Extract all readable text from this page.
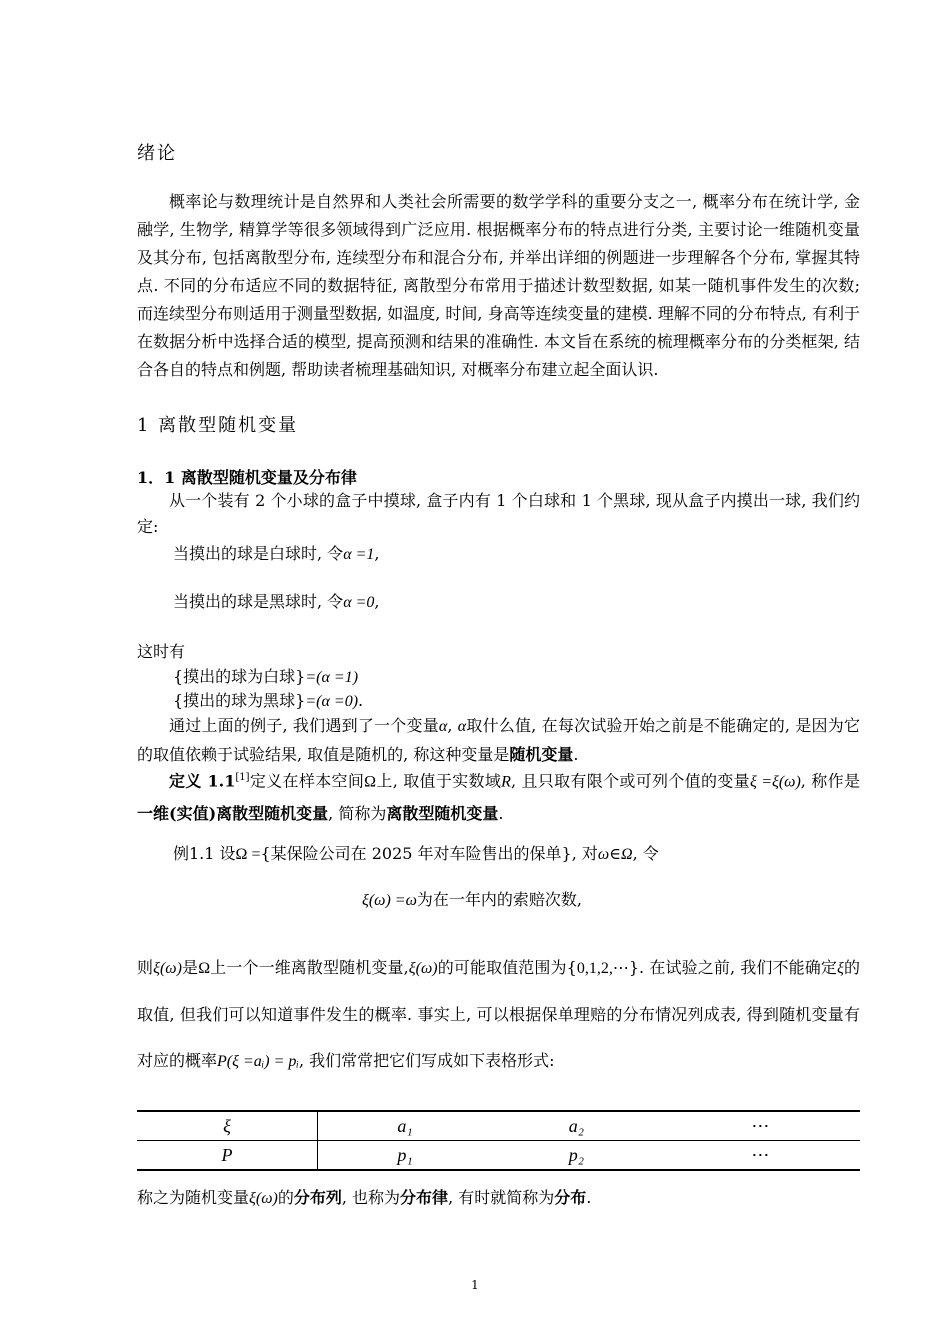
绪论
概率论与数理统计是自然界和人类社会所需要的数学学科的重要分支之一, 概率分布在统计学, 金融学, 生物学, 精算学等很多领域得到广泛应用. 根据概率分布的特点进行分类, 主要讨论一维随机变量及其分布, 包括离散型分布, 连续型分布和混合分布, 并举出详细的例题进一步理解各个分布, 掌握其特点. 不同的分布适应不同的数据特征, 离散型分布常用于描述计数型数据, 如某一随机事件发生的次数; 而连续型分布则适用于测量型数据, 如温度, 时间, 身高等连续变量的建模. 理解不同的分布特点, 有利于在数据分析中选择合适的模型, 提高预测和结果的准确性. 本文旨在系统的梳理概率分布的分类框架, 结合各自的特点和例题, 帮助读者梳理基础知识, 对概率分布建立起全面认识.
1 离散型随机变量
1．1 离散型随机变量及分布律
从一个装有 2 个小球的盒子中摸球, 盒子内有 1 个白球和 1 个黑球, 现从盒子内摸出一球, 我们约定:
当摸出的球是白球时, 令α =1,
当摸出的球是黑球时, 令α =0,
这时有
{摸出的球为白球}=(α =1)
{摸出的球为黑球}=(α =0).
通过上面的例子, 我们遇到了一个变量α, α取什么值, 在每次试验开始之前是不能确定的, 是因为它的取值依赖于试验结果, 取值是随机的, 称这种变量是随机变量.
定义 1.1[1]定义在样本空间Ω上, 取值于实数域R, 且只取有限个或可列个值的变量ξ =ξ(ω), 称作是一维(实值)离散型随机变量, 简称为离散型随机变量.
例1.1 设Ω ={某保险公司在 2025 年对车险售出的保单}, 对ω∈Ω, 令
ξ(ω) =ω为在一年内的索赔次数,
则ξ(ω)是Ω上一个一维离散型随机变量,ξ(ω)的可能取值范围为{0,1,2,⋯}. 在试验之前, 我们不能确定ξ的取值, 但我们可以知道事件发生的概率. 事实上, 可以根据保单理赔的分布情况列成表, 得到随机变量有对应的概率P(ξ =aᵢ) = pᵢ, 我们常常把它们写成如下表格形式:
ξ	a₁	a₂	⋯
P	p₁	p₂	⋯
称之为随机变量ξ(ω)的分布列, 也称为分布律, 有时就简称为分布.
1
